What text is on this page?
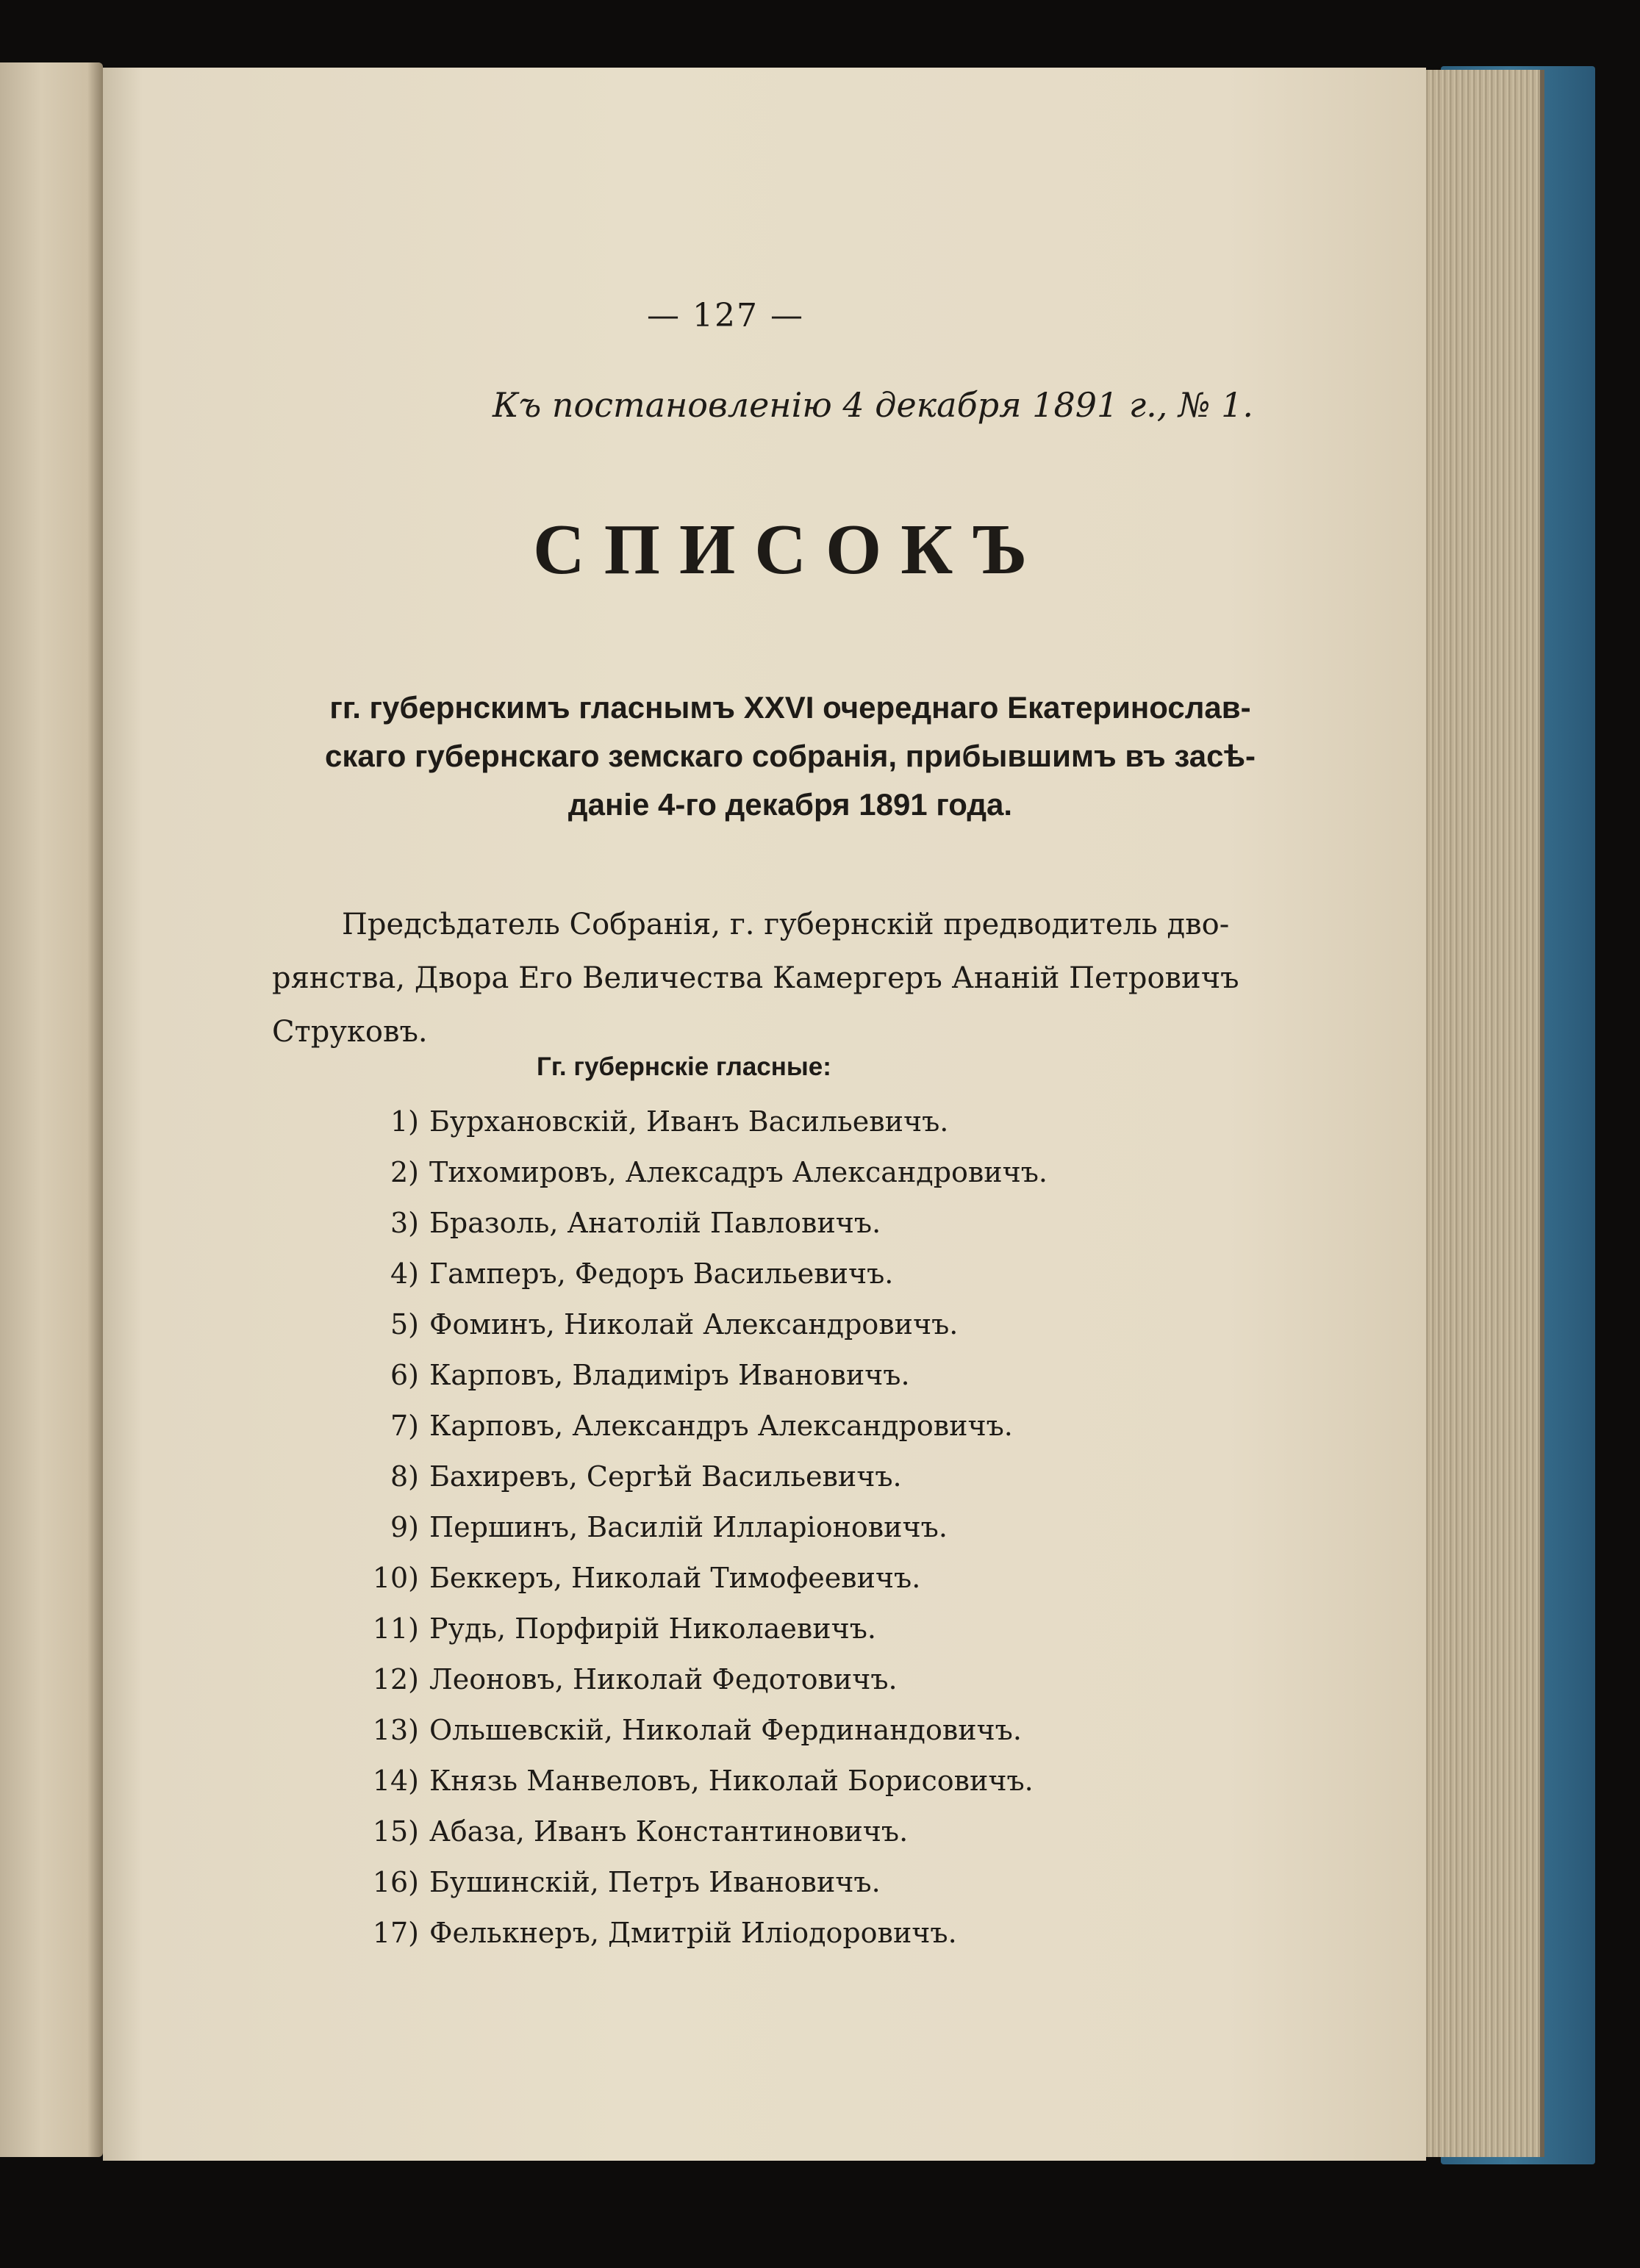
— 127 —
Къ постановленію 4 декабря 1891 г., № 1.
СПИСОКЪ
гг. губернскимъ гласнымъ XXVI очереднаго Екатеринослав-
скаго губернскаго земскаго собранія, прибывшимъ въ засѣ-
даніе 4-го декабря 1891 года.
Предсѣдатель Собранія, г. губернскій предводитель дво-
рянства, Двора Его Величества Камергеръ Ананій Петровичъ
Струковъ.
Гг. губернскіе гласные:
1) Бурхановскій, Иванъ Васильевичъ.
2) Тихомировъ, Алексадръ Александровичъ.
3) Бразоль, Анатолій Павловичъ.
4) Гамперъ, Федоръ Васильевичъ.
5) Фоминъ, Николай Александровичъ.
6) Карповъ, Владиміръ Ивановичъ.
7) Карповъ, Александръ Александровичъ.
8) Бахиревъ, Сергѣй Васильевичъ.
9) Першинъ, Василій Илларіоновичъ.
10) Беккеръ, Николай Тимофеевичъ.
11) Рудь, Порфирій Николаевичъ.
12) Леоновъ, Николай Федотовичъ.
13) Ольшевскій, Николай Фердинандовичъ.
14) Князь Манвеловъ, Николай Борисовичъ.
15) Абаза, Иванъ Константиновичъ.
16) Бушинскій, Петръ Ивановичъ.
17) Фелькнеръ, Дмитрій Иліодоровичъ.
